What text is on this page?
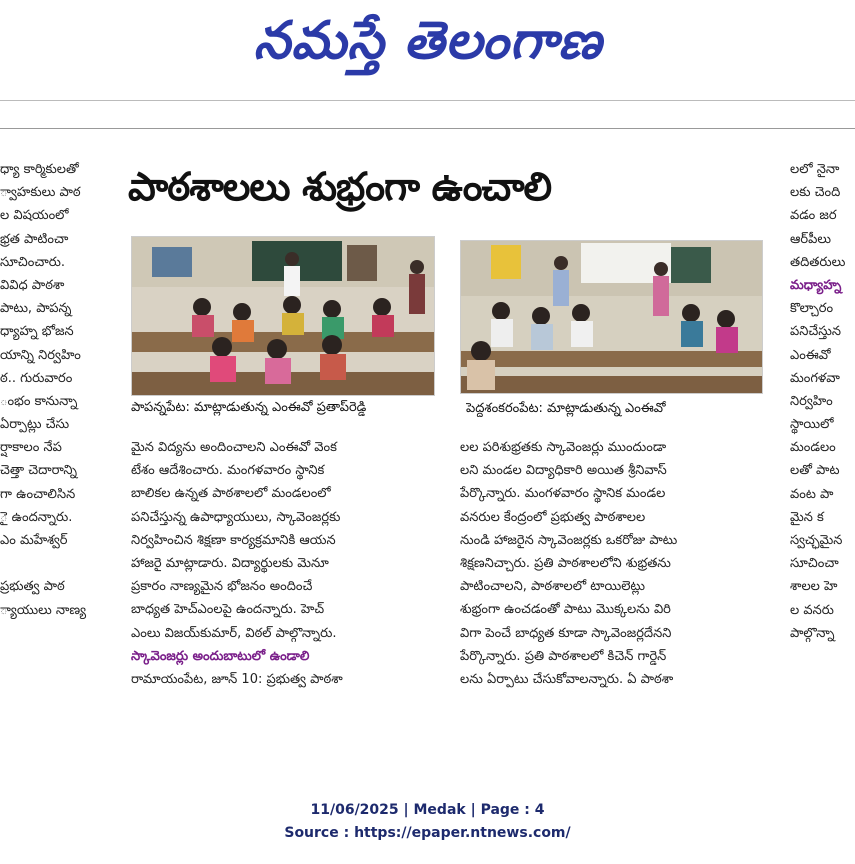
నమస్తే తెలంగాణ
పాఠశాలలు శుభ్రంగా ఉంచాలి
ధ్యా కార్మికులతో
్వాహకులు పాఠ
ల విషయంలో
భ్రత పాటించా
సూచించారు.
వివిధ పాఠశా
పాటు, పాపన్న
ధ్యాహ్న భోజన
యాన్ని నిర్వహిం
ఠ.. గురువారం
ంభం కానున్నా
ఏర్పాట్లు చేసు
ర్షాకాలం నేప
చెత్తా చెదారాన్ని
గా ఉంచాలిసిన
ై ఉందన్నారు.
ఎం మహేశ్వర్
ప్రభుత్వ పాఠ
్యాయులు నాణ్య
పాపన్నపేట: మాట్లాడుతున్న ఎంఈవో ప్రతాప్‌రెడ్డి	పెద్దశంకరంపేట: మాట్లాడుతున్న ఎంఈవో
మైన విద్యను అందించాలని ఎంఈవో వెంక
టేశం ఆదేశించారు. మంగళవారం స్థానిక
బాలికల ఉన్నత పాఠశాలలో మండలంలో
పనిచేస్తున్న ఉపాధ్యాయులు, స్కావెంజర్లకు
నిర్వహించిన శిక్షణా కార్యక్రమానికి ఆయన
హాజరై మాట్లాడారు. విద్యార్థులకు మెనూ
ప్రకారం నాణ్యమైన భోజనం అందించే
బాధ్యత హెచ్‌ఎంలపై ఉందన్నారు. హెచ్
ఎంలు విజయ్‌కుమార్, విఠల్ పాల్గొన్నారు.
స్కావెంజర్లు అందుబాటులో ఉండాలి
రామాయంపేట, జూన్ 10: ప్రభుత్వ పాఠశా
లల పరిశుభ్రతకు స్కావెంజర్లు ముందుండా
లని మండల విద్యాధికారి అయిత శ్రీనివాస్
పేర్కొన్నారు. మంగళవారం స్థానిక మండల
వనరుల కేంద్రంలో ప్రభుత్వ పాఠశాలల
నుండి హాజరైన స్కావెంజర్లకు ఒకరోజు పాటు
శిక్షణనిచ్చారు. ప్రతి పాఠశాలలోని శుభ్రతను
పాటించాలని, పాఠశాలలో టాయిలెట్లు
శుభ్రంగా ఉంచడంతో పాటు మొక్కలను విరి
విగా పెంచే బాధ్యత కూడా స్కావెంజర్లదేనని
పేర్కొన్నారు. ప్రతి పాఠశాలలో కిచెన్ గార్డెన్
లను ఏర్పాటు చేసుకోవాలన్నారు. ఏ పాఠశా
లలో నైనా
లకు చెంది
వడం జర
ఆర్‌పీలు
తదితరులు
మధ్యాహ్న
కొల్చారం
పనిచేస్తున
ఎంఈవో
మంగళవా
నిర్వహిం
స్థాయిలో
మండలం
లతో పాట
వంట పా
మైన క
స్వచ్ఛమైన
సూచించా
శాలల హె
ల వనరు
పాల్గొన్నా
11/06/2025 | Medak | Page : 4
Source : https://epaper.ntnews.com/
